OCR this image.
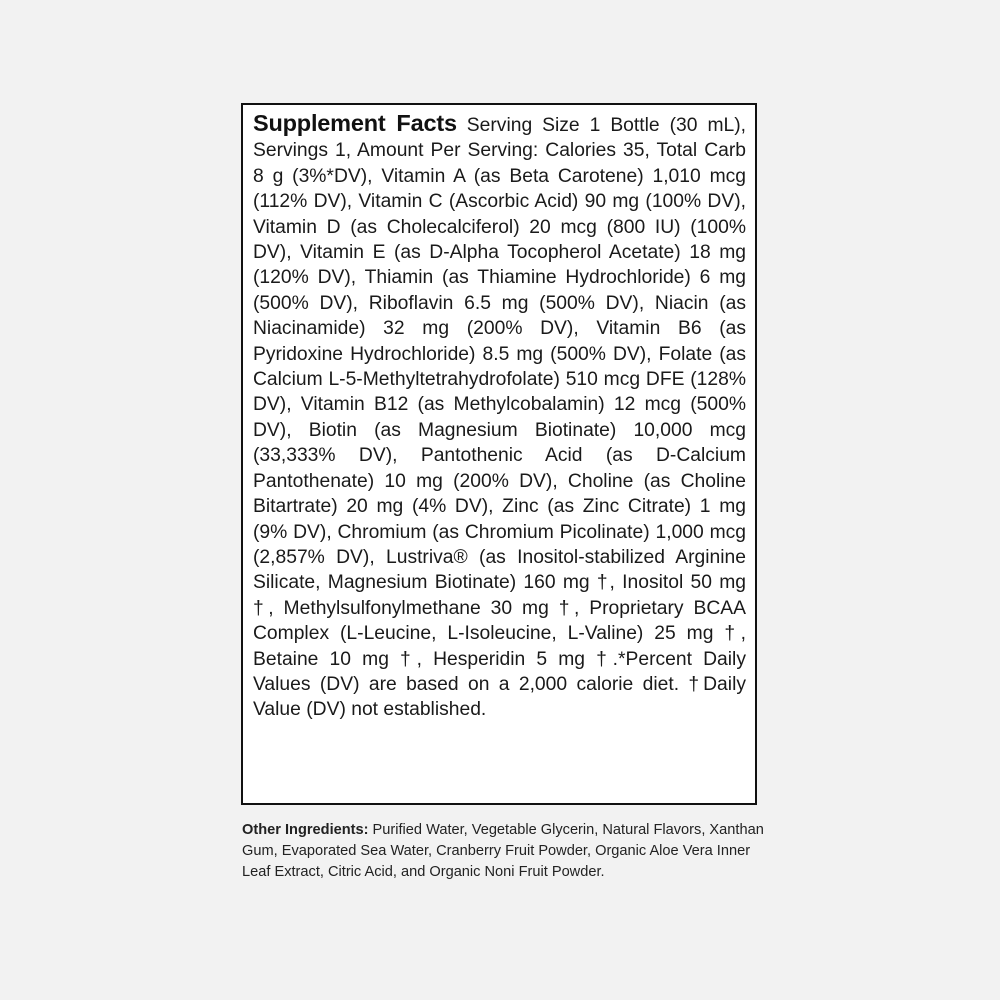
Supplement Facts Serving Size 1 Bottle (30 mL), Servings 1, Amount Per Serving: Calories 35, Total Carb 8 g (3%*DV), Vitamin A (as Beta Carotene) 1,010 mcg (112% DV), Vitamin C (Ascorbic Acid) 90 mg (100% DV), Vitamin D (as Cholecalciferol) 20 mcg (800 IU) (100% DV), Vitamin E (as D-Alpha Tocopherol Acetate) 18 mg (120% DV), Thiamin (as Thiamine Hydrochloride) 6 mg (500% DV), Riboflavin 6.5 mg (500% DV), Niacin (as Niacinamide) 32 mg (200% DV), Vitamin B6 (as Pyridoxine Hydrochloride) 8.5 mg (500% DV), Folate (as Calcium L-5-Methyltetrahydrofolate) 510 mcg DFE (128% DV), Vitamin B12 (as Methylcobalamin) 12 mcg (500% DV), Biotin (as Magnesium Biotinate) 10,000 mcg (33,333% DV), Pantothenic Acid (as D-Calcium Pantothenate) 10 mg (200% DV), Choline (as Choline Bitartrate) 20 mg (4% DV), Zinc (as Zinc Citrate) 1 mg (9% DV), Chromium (as Chromium Picolinate) 1,000 mcg (2,857% DV), Lustriva® (as Inositol-stabilized Arginine Silicate, Magnesium Biotinate) 160 mg †, Inositol 50 mg †, Methylsulfonylmethane 30 mg †, Proprietary BCAA Complex (L-Leucine, L-Isoleucine, L-Valine) 25 mg †, Betaine 10 mg †, Hesperidin 5 mg †.*Percent Daily Values (DV) are based on a 2,000 calorie diet. †Daily Value (DV) not established.

Other Ingredients: Purified Water, Vegetable Glycerin, Natural Flavors, Xanthan Gum, Evaporated Sea Water, Cranberry Fruit Powder, Organic Aloe Vera Inner Leaf Extract, Citric Acid, and Organic Noni Fruit Powder.
